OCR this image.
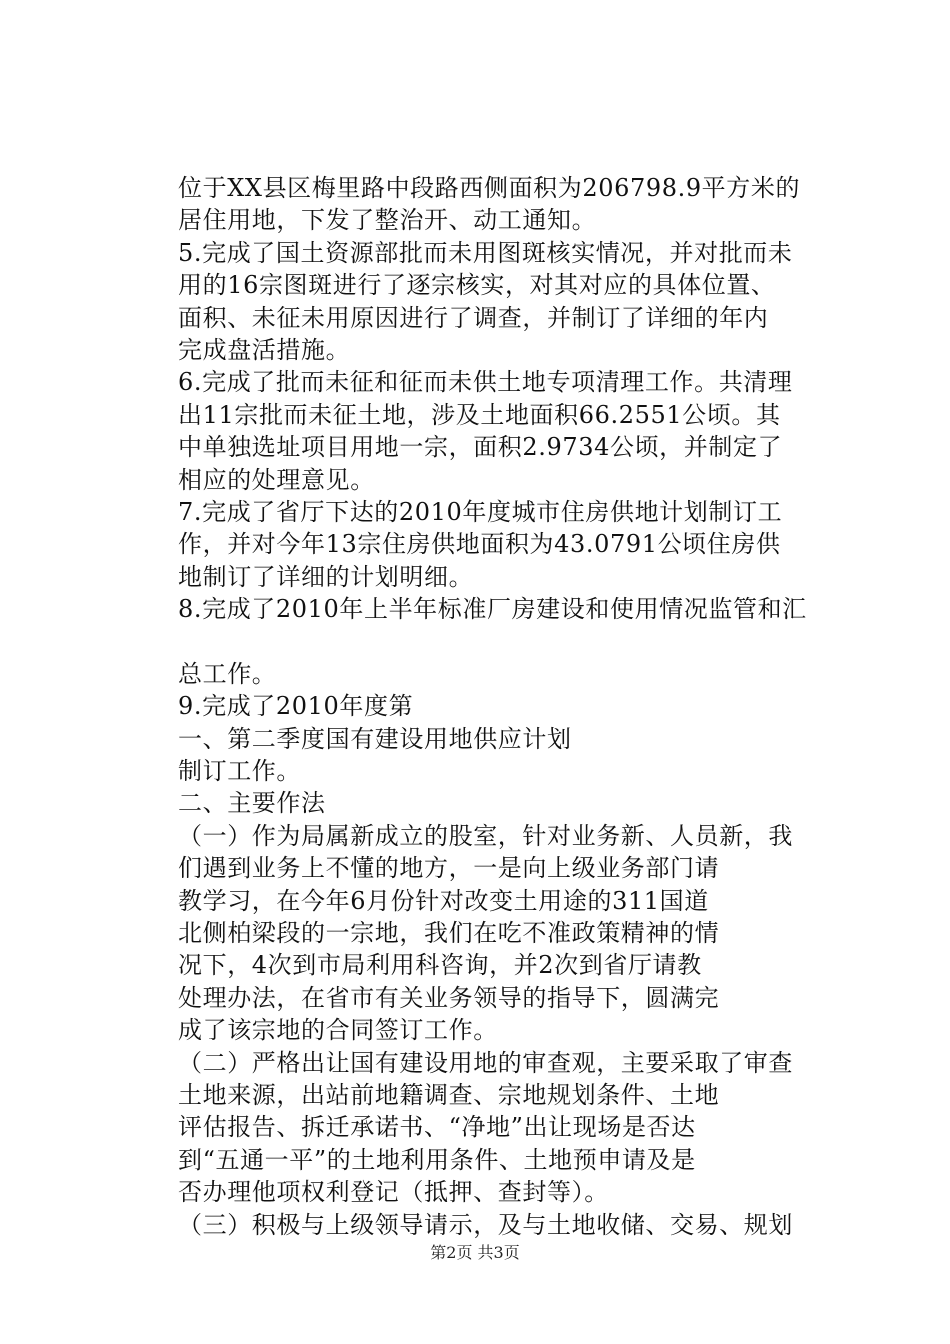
位于XX县区梅里路中段路西侧面积为206798.9平方米的
居住用地，下发了整治开、动工通知。
5.完成了国土资源部批而未用图斑核实情况，并对批而未
用的16宗图斑进行了逐宗核实，对其对应的具体位置、
面积、未征未用原因进行了调查，并制订了详细的年内
完成盘活措施。
6.完成了批而未征和征而未供土地专项清理工作。共清理
出11宗批而未征土地，涉及土地面积66.2551公顷。其
中单独选址项目用地一宗，面积2.9734公顷，并制定了
相应的处理意见。
7.完成了省厅下达的2010年度城市住房供地计划制订工
作，并对今年13宗住房供地面积为43.0791公顷住房供
地制订了详细的计划明细。
8.完成了2010年上半年标准厂房建设和使用情况监管和汇
总工作。
9.完成了2010年度第
一、第二季度国有建设用地供应计划
制订工作。
二、主要作法
（一）作为局属新成立的股室，针对业务新、人员新，我
们遇到业务上不懂的地方，一是向上级业务部门请
教学习，在今年6月份针对改变土用途的311国道
北侧柏梁段的一宗地，我们在吃不准政策精神的情
况下，4次到市局利用科咨询，并2次到省厅请教
处理办法，在省市有关业务领导的指导下，圆满完
成了该宗地的合同签订工作。
（二）严格出让国有建设用地的审查观，主要采取了审查
土地来源，出站前地籍调查、宗地规划条件、土地
评估报告、拆迁承诺书、“净地”出让现场是否达
到“五通一平”的土地利用条件、土地预申请及是
否办理他项权利登记（抵押、查封等）。
（三）积极与上级领导请示，及与土地收储、交易、规划
第2页 共3页
